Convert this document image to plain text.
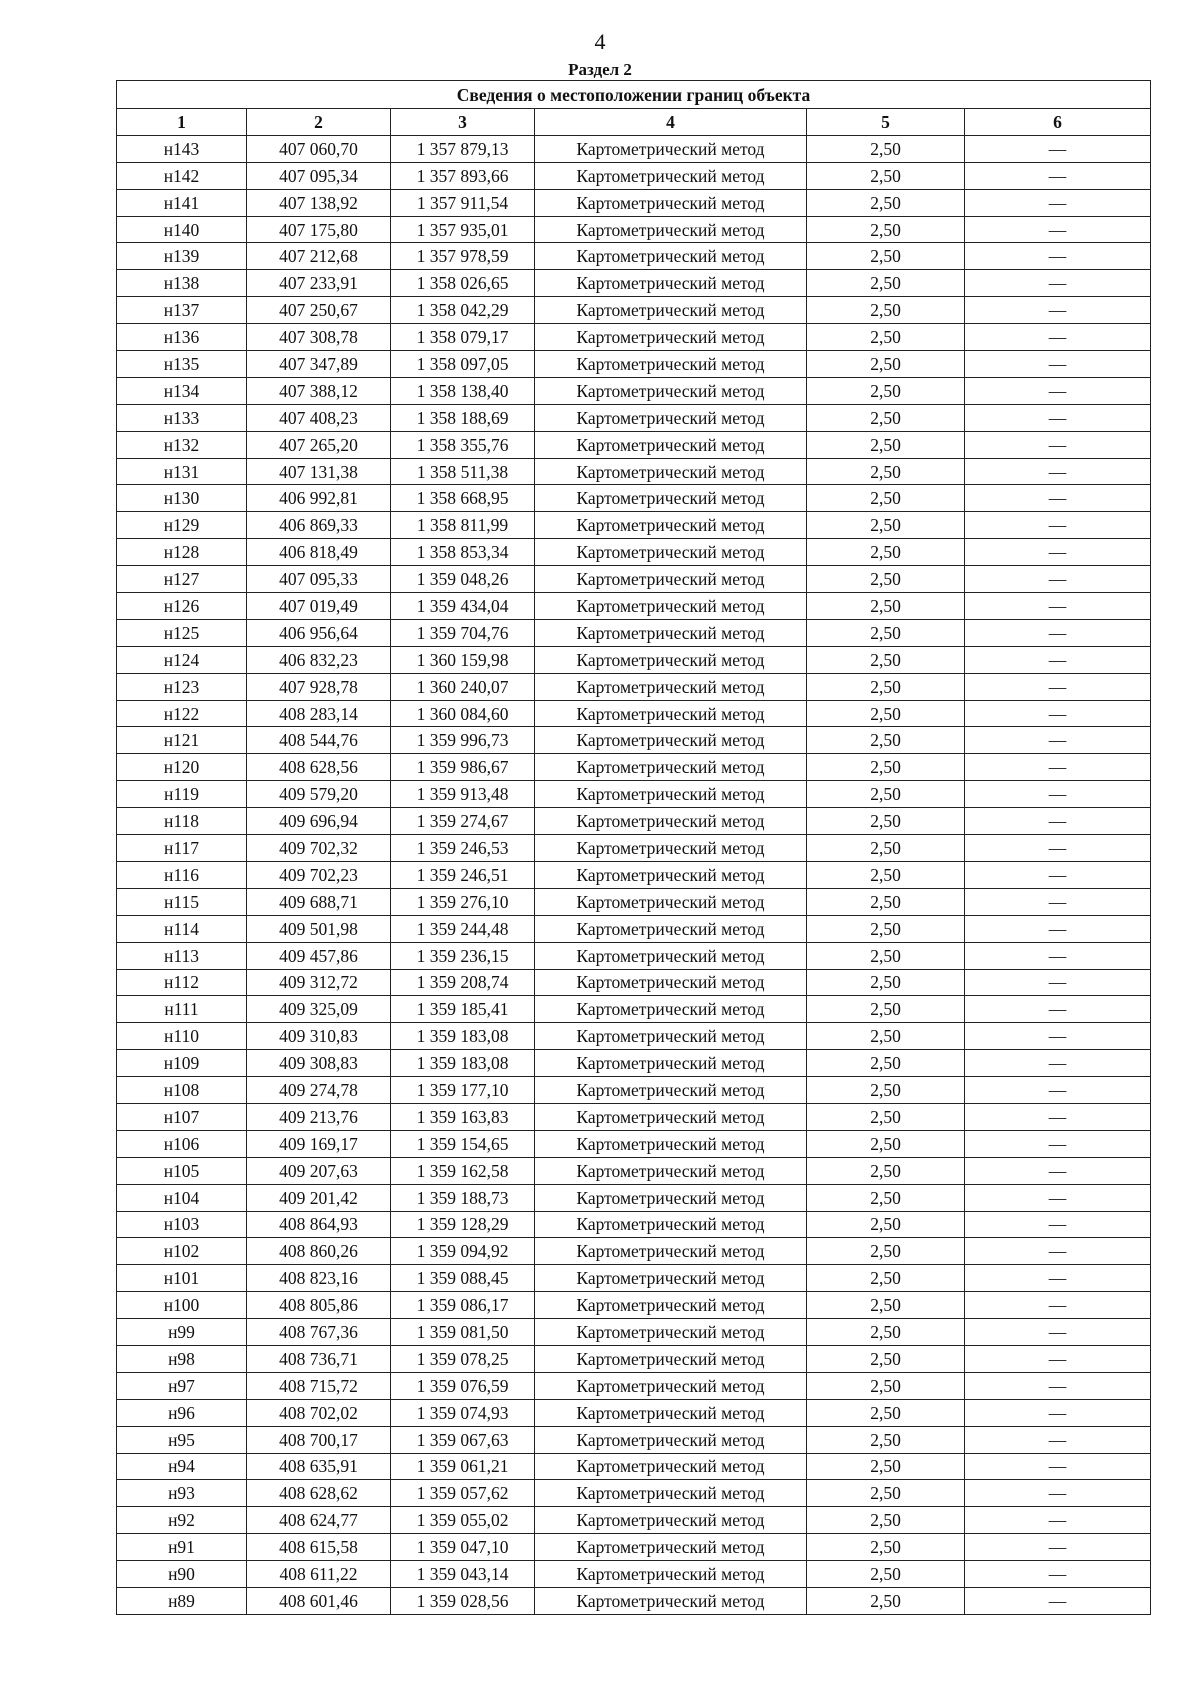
4
Раздел 2
Сведения о местоположении границ объекта					
1	2	3	4	5	6
н143	407 060,70	1 357 879,13	Картометрический метод	2,50	—
н142	407 095,34	1 357 893,66	Картометрический метод	2,50	—
н141	407 138,92	1 357 911,54	Картометрический метод	2,50	—
н140	407 175,80	1 357 935,01	Картометрический метод	2,50	—
н139	407 212,68	1 357 978,59	Картометрический метод	2,50	—
н138	407 233,91	1 358 026,65	Картометрический метод	2,50	—
н137	407 250,67	1 358 042,29	Картометрический метод	2,50	—
н136	407 308,78	1 358 079,17	Картометрический метод	2,50	—
н135	407 347,89	1 358 097,05	Картометрический метод	2,50	—
н134	407 388,12	1 358 138,40	Картометрический метод	2,50	—
н133	407 408,23	1 358 188,69	Картометрический метод	2,50	—
н132	407 265,20	1 358 355,76	Картометрический метод	2,50	—
н131	407 131,38	1 358 511,38	Картометрический метод	2,50	—
н130	406 992,81	1 358 668,95	Картометрический метод	2,50	—
н129	406 869,33	1 358 811,99	Картометрический метод	2,50	—
н128	406 818,49	1 358 853,34	Картометрический метод	2,50	—
н127	407 095,33	1 359 048,26	Картометрический метод	2,50	—
н126	407 019,49	1 359 434,04	Картометрический метод	2,50	—
н125	406 956,64	1 359 704,76	Картометрический метод	2,50	—
н124	406 832,23	1 360 159,98	Картометрический метод	2,50	—
н123	407 928,78	1 360 240,07	Картометрический метод	2,50	—
н122	408 283,14	1 360 084,60	Картометрический метод	2,50	—
н121	408 544,76	1 359 996,73	Картометрический метод	2,50	—
н120	408 628,56	1 359 986,67	Картометрический метод	2,50	—
н119	409 579,20	1 359 913,48	Картометрический метод	2,50	—
н118	409 696,94	1 359 274,67	Картометрический метод	2,50	—
н117	409 702,32	1 359 246,53	Картометрический метод	2,50	—
н116	409 702,23	1 359 246,51	Картометрический метод	2,50	—
н115	409 688,71	1 359 276,10	Картометрический метод	2,50	—
н114	409 501,98	1 359 244,48	Картометрический метод	2,50	—
н113	409 457,86	1 359 236,15	Картометрический метод	2,50	—
н112	409 312,72	1 359 208,74	Картометрический метод	2,50	—
н111	409 325,09	1 359 185,41	Картометрический метод	2,50	—
н110	409 310,83	1 359 183,08	Картометрический метод	2,50	—
н109	409 308,83	1 359 183,08	Картометрический метод	2,50	—
н108	409 274,78	1 359 177,10	Картометрический метод	2,50	—
н107	409 213,76	1 359 163,83	Картометрический метод	2,50	—
н106	409 169,17	1 359 154,65	Картометрический метод	2,50	—
н105	409 207,63	1 359 162,58	Картометрический метод	2,50	—
н104	409 201,42	1 359 188,73	Картометрический метод	2,50	—
н103	408 864,93	1 359 128,29	Картометрический метод	2,50	—
н102	408 860,26	1 359 094,92	Картометрический метод	2,50	—
н101	408 823,16	1 359 088,45	Картометрический метод	2,50	—
н100	408 805,86	1 359 086,17	Картометрический метод	2,50	—
н99	408 767,36	1 359 081,50	Картометрический метод	2,50	—
н98	408 736,71	1 359 078,25	Картометрический метод	2,50	—
н97	408 715,72	1 359 076,59	Картометрический метод	2,50	—
н96	408 702,02	1 359 074,93	Картометрический метод	2,50	—
н95	408 700,17	1 359 067,63	Картометрический метод	2,50	—
н94	408 635,91	1 359 061,21	Картометрический метод	2,50	—
н93	408 628,62	1 359 057,62	Картометрический метод	2,50	—
н92	408 624,77	1 359 055,02	Картометрический метод	2,50	—
н91	408 615,58	1 359 047,10	Картометрический метод	2,50	—
н90	408 611,22	1 359 043,14	Картометрический метод	2,50	—
н89	408 601,46	1 359 028,56	Картометрический метод	2,50	—
